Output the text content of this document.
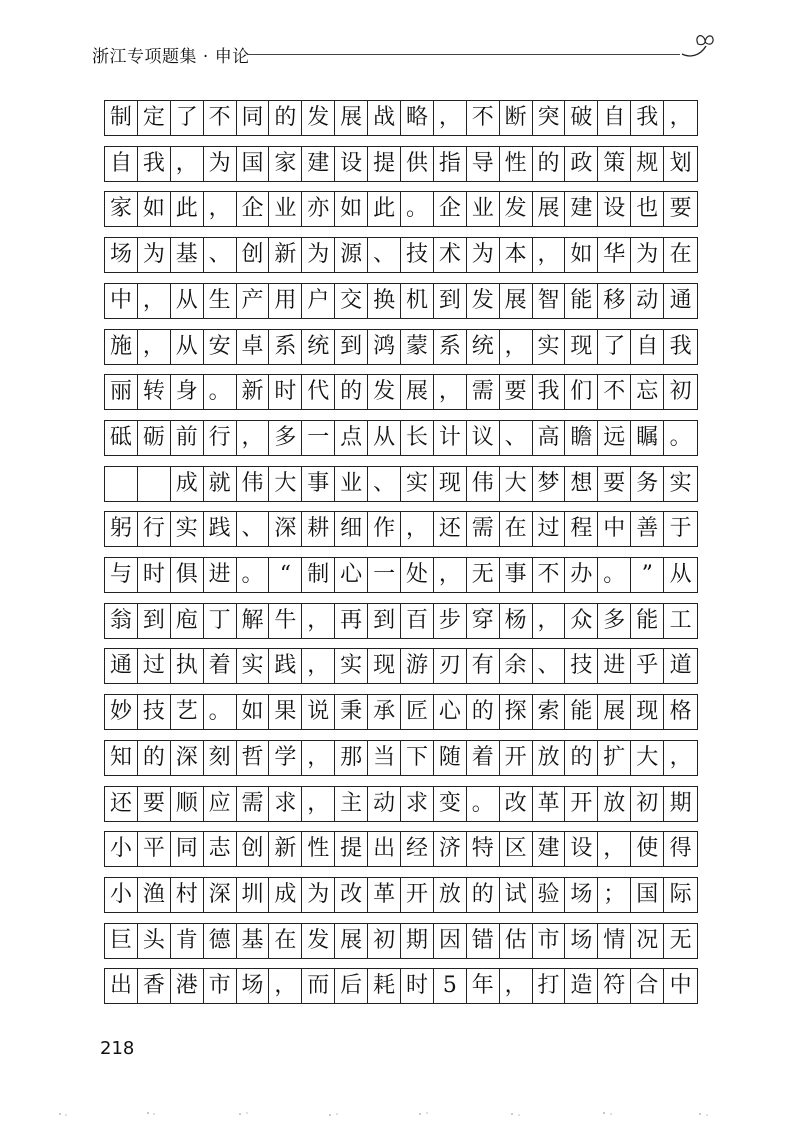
浙江专项题集 · 申论
制 定 了 不 同 的 发 展 战 略 ， 不 断 突 破 自 我 ，
自 我 ， 为 国 家 建 设 提 供 指 导 性 的 政 策 规 划
家 如 此 ， 企 业 亦 如 此 。 企 业 发 展 建 设 也 要
场 为 基 、 创 新 为 源 、 技 术 为 本 ， 如 华 为 在
中 ， 从 生 产 用 户 交 换 机 到 发 展 智 能 移 动 通
施 ， 从 安 卓 系 统 到 鸿 蒙 系 统 ， 实 现 了 自 我
丽 转 身 。 新 时 代 的 发 展 ， 需 要 我 们 不 忘 初
砥 砺 前 行 ， 多 一 点 从 长 计 议 、 高 瞻 远 瞩 。

成 就 伟 大 事 业 、 实 现 伟 大 梦 想 要 务 实
躬 行 实 践 、 深 耕 细 作 ， 还 需 在 过 程 中 善 于
与 时 俱 进 。 “ 制 心 一 处 ， 无 事 不 办 。 ” 从
翁 到 庖 丁 解 牛 ， 再 到 百 步 穿 杨 ， 众 多 能 工
通 过 执 着 实 践 ， 实 现 游 刃 有 余 、 技 进 乎 道
妙 技 艺 。 如 果 说 秉 承 匠 心 的 探 索 能 展 现 格
知 的 深 刻 哲 学 ， 那 当 下 随 着 开 放 的 扩 大 ，
还 要 顺 应 需 求 ， 主 动 求 变 。 改 革 开 放 初 期
小 平 同 志 创 新 性 提 出 经 济 特 区 建 设 ， 使 得
小 渔 村 深 圳 成 为 改 革 开 放 的 试 验 场 ； 国 际
巨 头 肯 德 基 在 发 展 初 期 因 错 估 市 场 情 况 无
出 香 港 市 场 ， 而 后 耗 时 5 年 ， 打 造 符 合 中
218
